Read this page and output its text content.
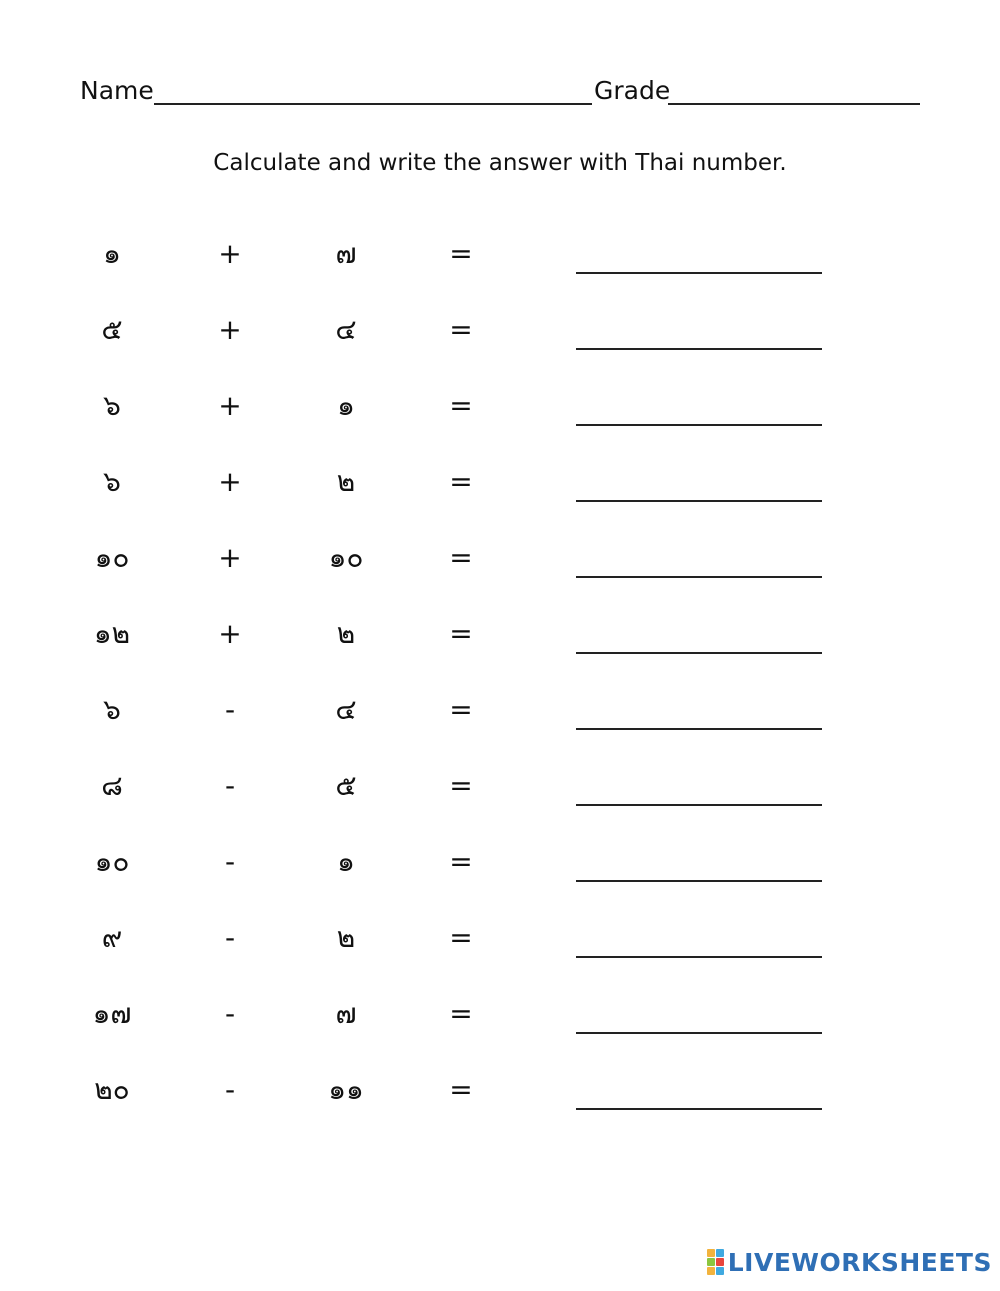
Name	Grade
Calculate and write the answer with Thai number.
๑	+	๗	=
๕	+	๔	=
๖	+	๑	=
๖	+	๒	=
๑๐	+	๑๐	=
๑๒	+	๒	=
๖	-	๔	=
๘	-	๕	=
๑๐	-	๑	=
๙	-	๒	=
๑๗	-	๗	=
๒๐	-	๑๑	=
LIVEWORKSHEETS
